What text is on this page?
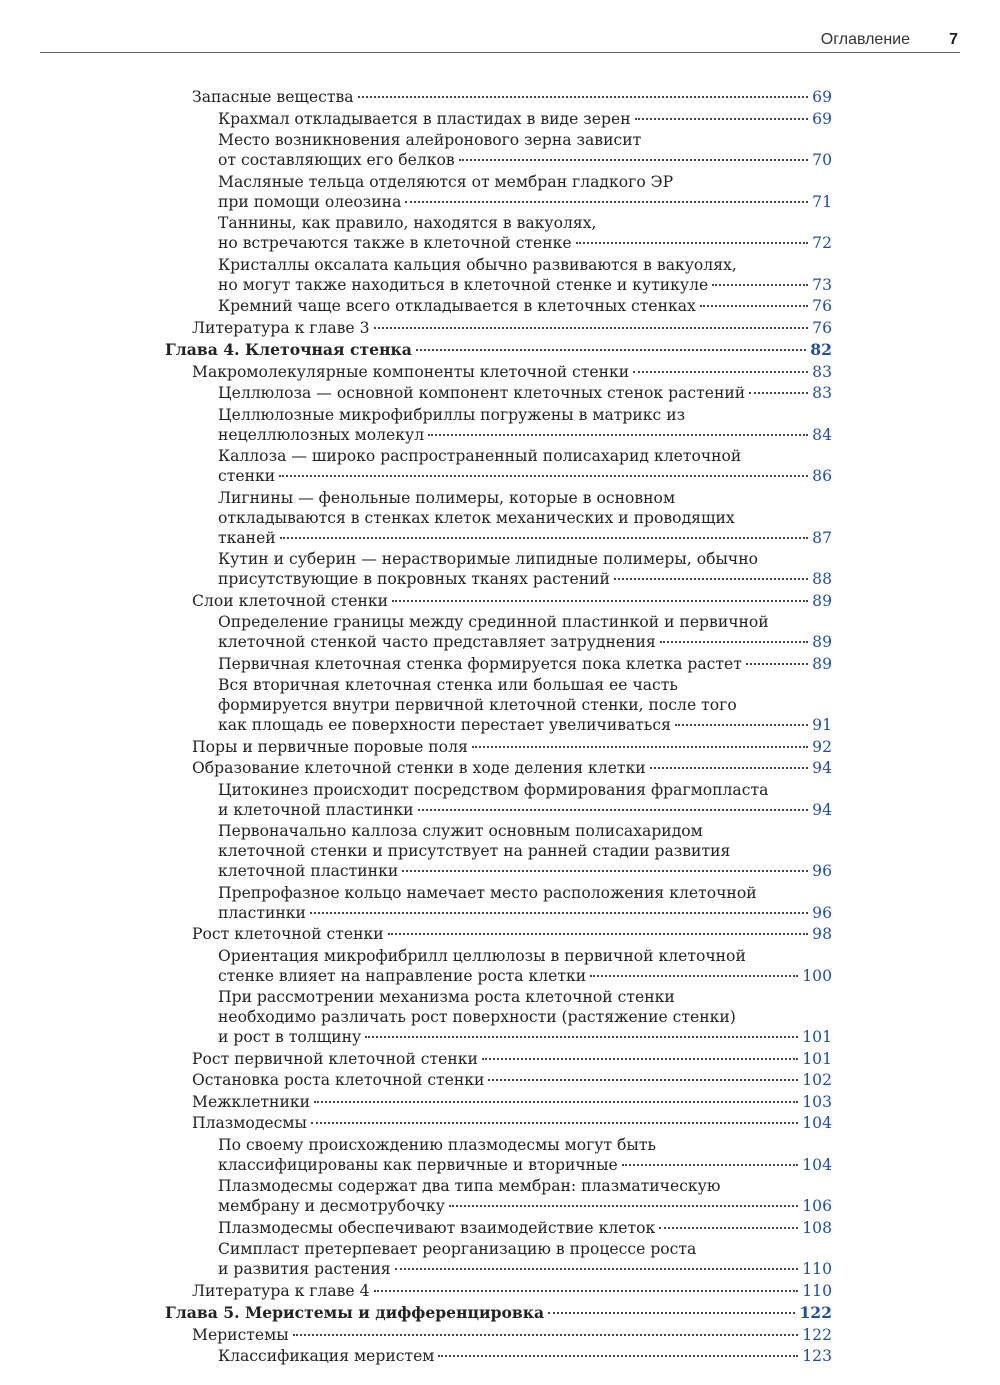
Оглавление 7
Запасные вещества	69
Крахмал откладывается в пластидах в виде зерен	69
Место возникновения алейронового зерна зависит
от составляющих его белков	70
Масляные тельца отделяются от мембран гладкого ЭР
при помощи олеозина	71
Таннины, как правило, находятся в вакуолях,
но встречаются также в клеточной стенке	72
Кристаллы оксалата кальция обычно развиваются в вакуолях,
но могут также находиться в клеточной стенке и кутикуле	73
Кремний чаще всего откладывается в клеточных стенках	76
Литература к главе 3	76
Глава 4. Клеточная стенка	82
Макромолекулярные компоненты клеточной стенки	83
Целлюлоза — основной компонент клеточных стенок растений	83
Целлюлозные микрофибриллы погружены в матрикс из
нецеллюлозных молекул	84
Каллоза — широко распространенный полисахарид клеточной
стенки	86
Лигнины — фенольные полимеры, которые в основном
откладываются в стенках клеток механических и проводящих
тканей	87
Кутин и суберин — нерастворимые липидные полимеры, обычно
присутствующие в покровных тканях растений	88
Слои клеточной стенки	89
Определение границы между срединной пластинкой и первичной
клеточной стенкой часто представляет затруднения	89
Первичная клеточная стенка формируется пока клетка растет	89
Вся вторичная клеточная стенка или большая ее часть
формируется внутри первичной клеточной стенки, после того
как площадь ее поверхности перестает увеличиваться	91
Поры и первичные поровые поля	92
Образование клеточной стенки в ходе деления клетки	94
Цитокинез происходит посредством формирования фрагмопласта
и клеточной пластинки	94
Первоначально каллоза служит основным полисахаридом
клеточной стенки и присутствует на ранней стадии развития
клеточной пластинки	96
Препрофазное кольцо намечает место расположения клеточной
пластинки	96
Рост клеточной стенки	98
Ориентация микрофибрилл целлюлозы в первичной клеточной
стенке влияет на направление роста клетки	100
При рассмотрении механизма роста клеточной стенки
необходимо различать рост поверхности (растяжение стенки)
и рост в толщину	101
Рост первичной клеточной стенки	101
Остановка роста клеточной стенки	102
Межклетники	103
Плазмодесмы	104
По своему происхождению плазмодесмы могут быть
классифицированы как первичные и вторичные	104
Плазмодесмы содержат два типа мембран: плазматическую
мембрану и десмотрубочку	106
Плазмодесмы обеспечивают взаимодействие клеток	108
Симпласт претерпевает реорганизацию в процессе роста
и развития растения	110
Литература к главе 4	110
Глава 5. Меристемы и дифференцировка	122
Меристемы	122
Классификация меристем	123
